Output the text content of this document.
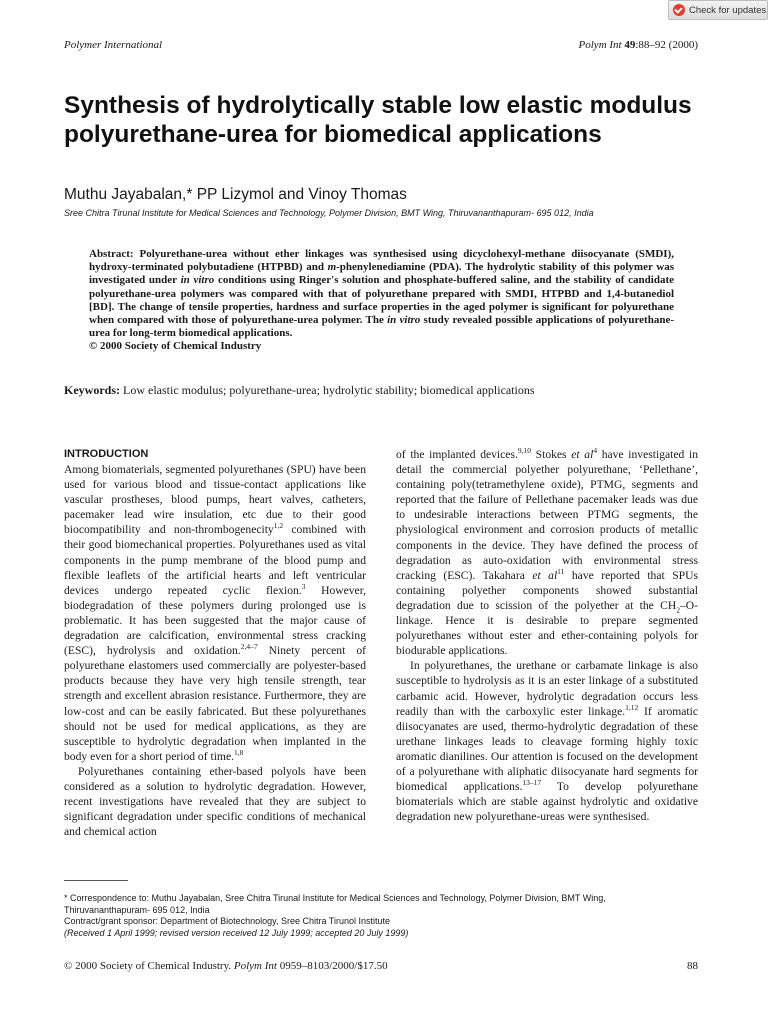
Check for updates
Polymer International	Polym Int 49:88–92 (2000)
Synthesis of hydrolytically stable low elastic modulus polyurethane-urea for biomedical applications
Muthu Jayabalan,* PP Lizymol and Vinoy Thomas
Sree Chitra Tirunal Institute for Medical Sciences and Technology, Polymer Division, BMT Wing, Thiruvananthapuram- 695 012, India

Abstract: Polyurethane-urea without ether linkages was synthesised using dicyclohexyl-methane diisocyanate (SMDI), hydroxy-terminated polybutadiene (HTPBD) and m-phenylenediamine (PDA). The hydrolytic stability of this polymer was investigated under in vitro conditions using Ringer's solution and phosphate-buffered saline, and the stability of candidate polyurethane-urea polymers was compared with that of polyurethane prepared with SMDI, HTPBD and 1,4-butanediol [BD]. The change of tensile properties, hardness and surface properties in the aged polymer is significant for polyurethane when compared with those of polyurethane-urea polymer. The in vitro study revealed possible applications of polyurethane-urea for long-term biomedical applications.
© 2000 Society of Chemical Industry

Keywords: Low elastic modulus; polyurethane-urea; hydrolytic stability; biomedical applications
INTRODUCTION

Among biomaterials, segmented polyurethanes (SPU) have been used for various blood and tissue-contact applications like vascular prostheses, blood pumps, heart valves, catheters, pacemaker lead wire insulation, etc due to their good biocompatibility and non-thrombogenecity$^{1,2}$ combined with their good biomechanical properties. Polyurethanes used as vital components in the pump membrane of the blood pump and flexible leaflets of the artificial hearts and left ventricular devices undergo repeated cyclic flexion.$^3$ However, biodegradation of these polymers during prolonged use is problematic. It has been suggested that the major cause of degradation are calcification, environmental stress cracking (ESC), hydrolysis and oxidation.$^{2,4-7}$ Ninety percent of polyurethane elastomers used commercially are polyester-based products because they have very high tensile strength, tear strength and excellent abrasion resistance. Furthermore, they are low-cost and can be easily fabricated. But these polyurethanes should not be used for medical applications, as they are susceptible to hydrolytic degradation when implanted in the body even for a short period of time.$^{1,8}$

Polyurethanes containing ether-based polyols have been considered as a solution to hydrolytic degradation. However, recent investigations have revealed that they are subject to significant degradation under specific conditions of mechanical and chemical action

of the implanted devices.$^{9,10}$ Stokes et $al^4$ have investigated in detail the commercial polyether polyurethane, ‘Pellethane’, containing poly(tetramethylene oxide), PTMG, segments and reported that the failure of Pellethane pacemaker leads was due to undesirable interactions between PTMG segments, the physiological environment and corrosion products of metallic components in the device. They have defined the process of degradation as auto-oxidation with environmental stress cracking (ESC). Takahara et $al^{11}$ have reported that SPUs containing polyether components showed substantial degradation due to scission of the polyether at the $CH_2-O$-linkage. Hence it is desirable to prepare segmented polyurethanes without ester and ether-containing polyols for biodurable applications.

In polyurethanes, the urethane or carbamate linkage is also susceptible to hydrolysis as it is an ester linkage of a substituted carbamic acid. However, hydrolytic degradation occurs less readily than with the carboxylic ester linkage.$^{1,12}$ If aromatic diisocyanates are used, thermo-hydrolytic degradation of these urethane linkages leads to cleavage forming highly toxic aromatic dianilines. Our attention is focused on the development of a polyurethane with aliphatic diisocyanate hard segments for biomedical applications.$^{13-17}$ To develop polyurethane biomaterials which are stable against hydrolytic and oxidative degradation new polyurethane-ureas were synthesised.

* Correspondence to: Muthu Jayabalan, Sree Chitra Tirunal Institute for Medical Sciences and Technology, Polymer Division, BMT Wing,
Thiruvananthapuram- 695 012, India
Contract/grant sponsor: Department of Biotechnology, Sree Chitra Tirunol Institute
(Received 1 April 1999; revised version received 12 July 1999; accepted 20 July 1999)
© 2000 Society of Chemical Industry. Polym Int 0959–8103/2000/$17.50	88
